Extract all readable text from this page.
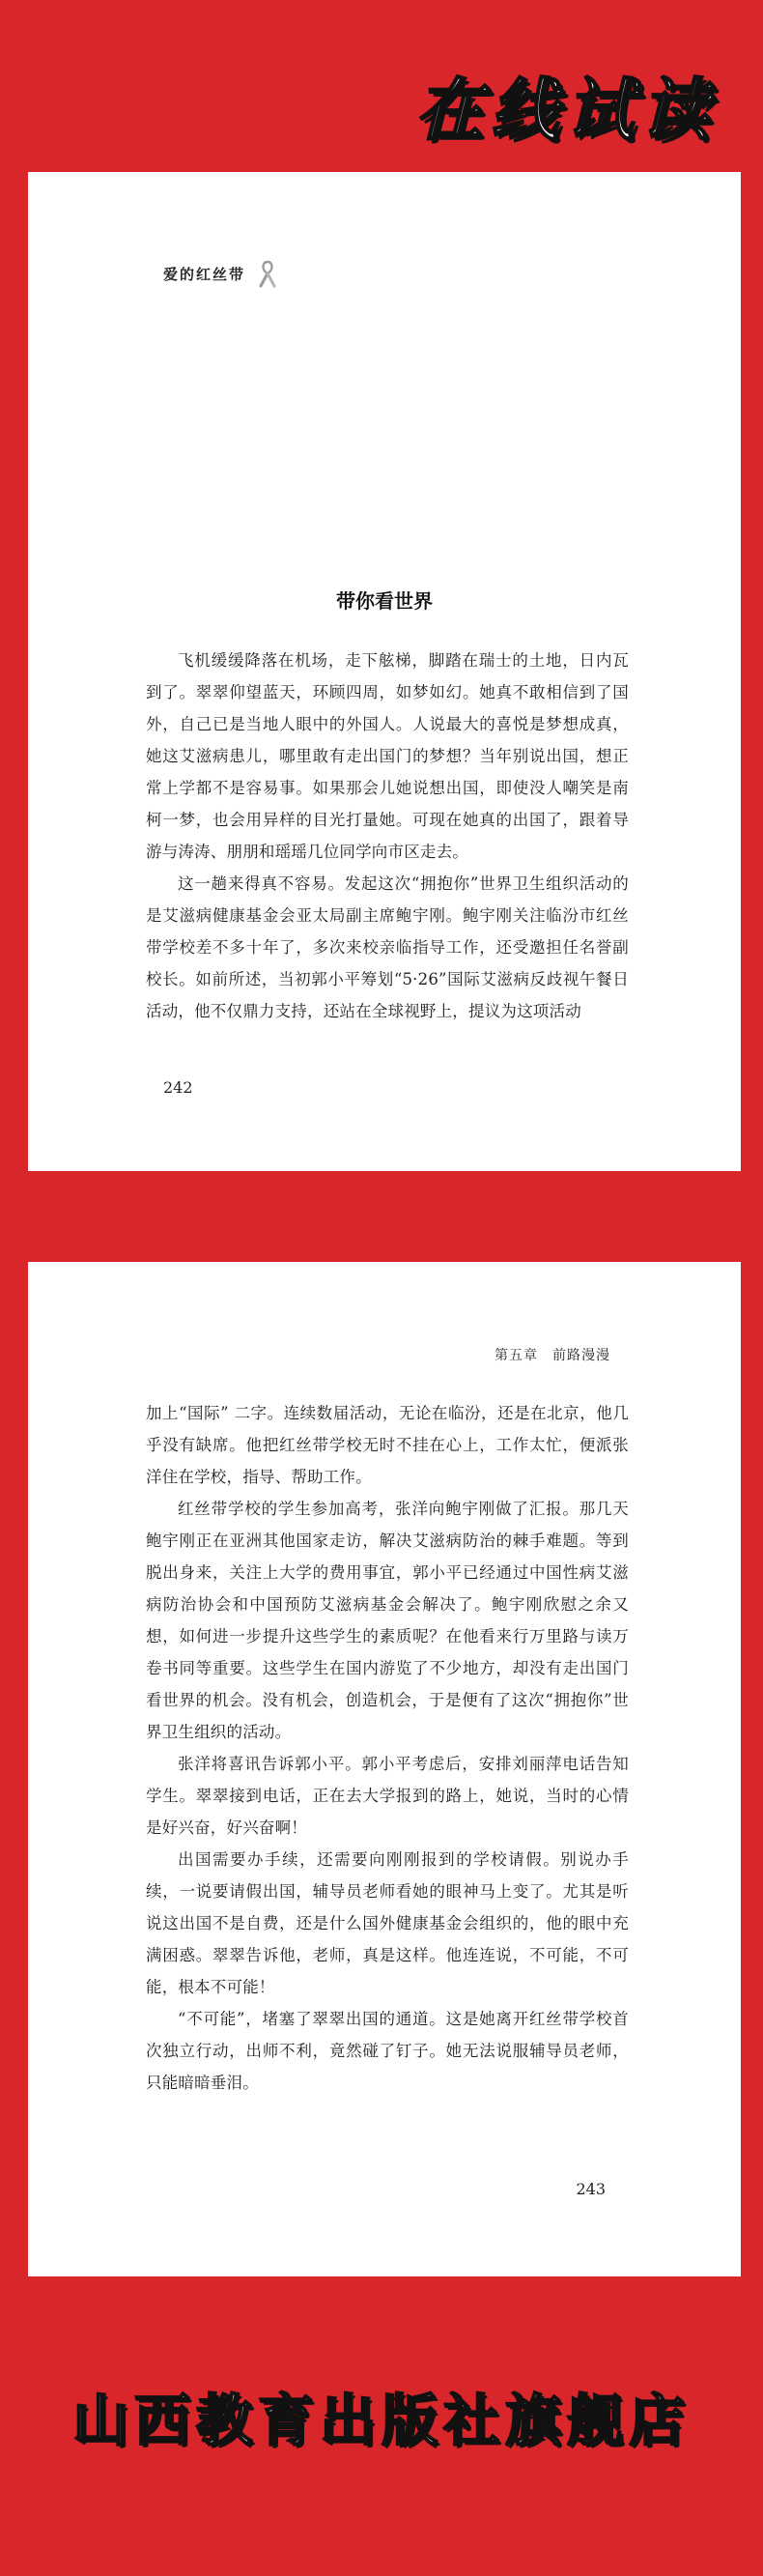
在线试读
爱的红丝带
带你看世界

飞机缓缓降落在机场，走下舷梯，脚踏在瑞士的土地，日内瓦到了。翠翠仰望蓝天，环顾四周，如梦如幻。她真不敢相信到了国外，自己已是当地人眼中的外国人。人说最大的喜悦是梦想成真，她这艾滋病患儿，哪里敢有走出国门的梦想？当年别说出国，想正常上学都不是容易事。如果那会儿她说想出国，即使没人嘲笑是南柯一梦，也会用异样的目光打量她。可现在她真的出国了，跟着导游与涛涛、朋朋和瑶瑶几位同学向市区走去。

这一趟来得真不容易。发起这次“拥抱你”世界卫生组织活动的是艾滋病健康基金会亚太局副主席鲍宇刚。鲍宇刚关注临汾市红丝带学校差不多十年了，多次来校亲临指导工作，还受邀担任名誉副校长。如前所述，当初郭小平筹划“5·26”国际艾滋病反歧视午餐日活动，他不仅鼎力支持，还站在全球视野上，提议为这项活动

242
第五章　前路漫漫

加上“国际” 二字。连续数届活动，无论在临汾，还是在北京，他几乎没有缺席。他把红丝带学校无时不挂在心上，工作太忙，便派张洋住在学校，指导、帮助工作。

红丝带学校的学生参加高考，张洋向鲍宇刚做了汇报。那几天鲍宇刚正在亚洲其他国家走访，解决艾滋病防治的棘手难题。等到脱出身来，关注上大学的费用事宜，郭小平已经通过中国性病艾滋病防治协会和中国预防艾滋病基金会解决了。鲍宇刚欣慰之余又想，如何进一步提升这些学生的素质呢？在他看来行万里路与读万卷书同等重要。这些学生在国内游览了不少地方，却没有走出国门看世界的机会。没有机会，创造机会，于是便有了这次“拥抱你”世界卫生组织的活动。

张洋将喜讯告诉郭小平。郭小平考虑后，安排刘丽萍电话告知学生。翠翠接到电话，正在去大学报到的路上，她说，当时的心情是好兴奋，好兴奋啊！

出国需要办手续，还需要向刚刚报到的学校请假。别说办手续，一说要请假出国，辅导员老师看她的眼神马上变了。尤其是听说这出国不是自费，还是什么国外健康基金会组织的，他的眼中充满困惑。翠翠告诉他，老师，真是这样。他连连说，不可能，不可能，根本不可能！

“不可能”，堵塞了翠翠出国的通道。这是她离开红丝带学校首次独立行动，出师不利，竟然碰了钉子。她无法说服辅导员老师，只能暗暗垂泪。

243
山西教育出版社旗舰店
